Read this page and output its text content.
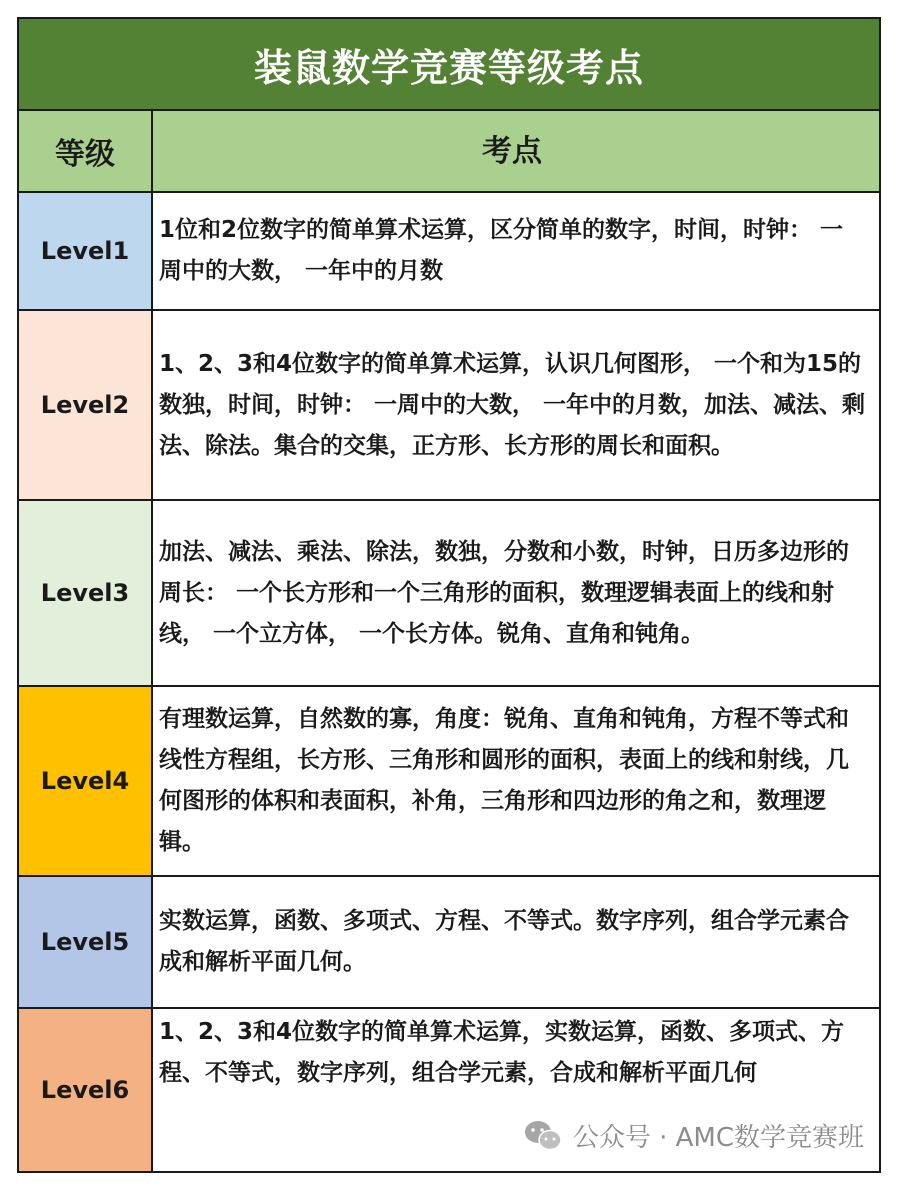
装鼠数学竞赛等级考点
等级	考点
Level1
1位和2位数字的简单算术运算，区分简单的数字，时间，时钟： 一周中的大数， 一年中的月数
Level2
1、2、3和4位数字的简单算术运算，认识几何图形， 一个和为15的数独，时间，时钟： 一周中的大数， 一年中的月数，加法、减法、剩法、除法。集合的交集，正方形、长方形的周长和面积。
Level3
加法、减法、乘法、除法，数独，分数和小数，时钟，日历多边形的周长： 一个长方形和一个三角形的面积，数理逻辑表面上的线和射线， 一个立方体， 一个长方体。锐角、直角和钝角。
Level4
有理数运算，自然数的寡，角度：锐角、直角和钝角，方程不等式和线性方程组，长方形、三角形和圆形的面积，表面上的线和射线，几何图形的体积和表面积，补角，三角形和四边形的角之和，数理逻辑。
Level5
实数运算，函数、多项式、方程、不等式。数字序列，组合学元素合成和解析平面几何。
Level6
1、2、3和4位数字的简单算术运算，实数运算，函数、多项式、方程、不等式，数字序列，组合学元素，合成和解析平面几何
公众号 · AMC数学竞赛班
